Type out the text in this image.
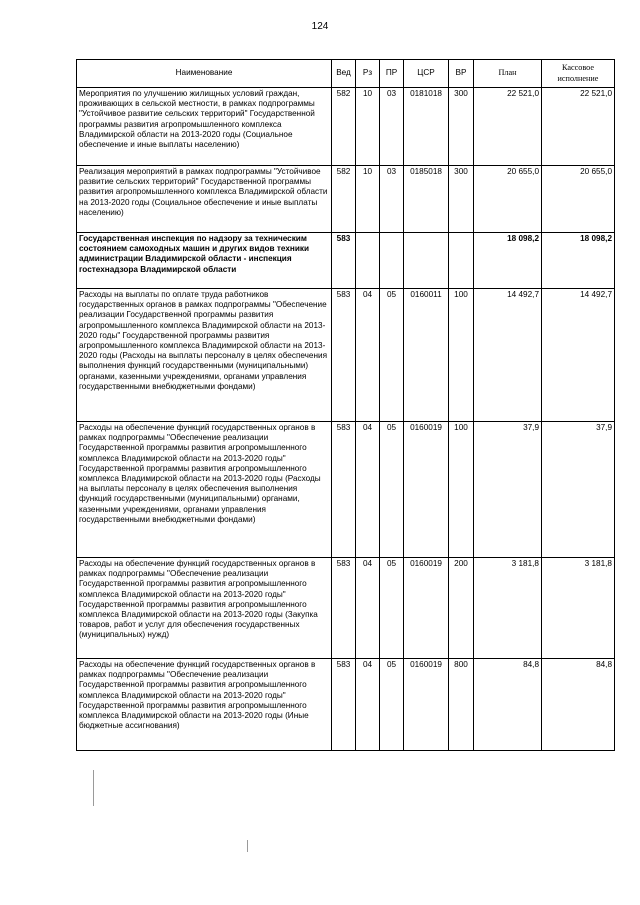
124
Наименование	Вед	Рз	ПР	ЦСР	ВР	План	Кассовое исполнение
Мероприятия по улучшению жилищных условий граждан, проживающих в сельской местности, в рамках подпрограммы "Устойчивое развитие сельских территорий" Государственной программы развития агропромышленного комплекса Владимирской области на 2013-2020 годы (Социальное обеспечение и иные выплаты населению)	582	10	03	0181018	300	22 521,0	22 521,0
Реализация мероприятий в рамках подпрограммы "Устойчивое развитие сельских территорий" Государственной программы развития агропромышленного комплекса Владимирской области на 2013-2020 годы (Социальное обеспечение и иные выплаты населению)	582	10	03	0185018	300	20 655,0	20 655,0
Государственная инспекция по надзору за техническим состоянием самоходных машин и других видов техники администрации Владимирской области - инспекция гостехнадзора Владимирской области	583					18 098,2	18 098,2
Расходы на выплаты по оплате труда работников государственных органов в рамках подпрограммы "Обеспечение реализации Государственной программы развития агропромышленного комплекса Владимирской области на 2013-2020 годы" Государственной программы развития агропромышленного комплекса Владимирской области на 2013-2020 годы (Расходы на выплаты персоналу в целях обеспечения выполнения функций государственными (муниципальными) органами, казенными учреждениями, органами управления государственными внебюджетными фондами)	583	04	05	0160011	100	14 492,7	14 492,7
Расходы на обеспечение функций государственных органов в рамках подпрограммы "Обеспечение реализации Государственной программы развития агропромышленного комплекса Владимирской области на 2013-2020 годы" Государственной программы развития агропромышленного комплекса Владимирской области на 2013-2020 годы (Расходы на выплаты персоналу в целях обеспечения выполнения функций государственными (муниципальными) органами, казенными учреждениями, органами управления государственными внебюджетными фондами)	583	04	05	0160019	100	37,9	37,9
Расходы на обеспечение функций государственных органов в рамках подпрограммы "Обеспечение реализации Государственной программы развития агропромышленного комплекса Владимирской области на 2013-2020 годы" Государственной программы развития агропромышленного комплекса Владимирской области на 2013-2020 годы (Закупка товаров, работ и услуг для обеспечения государственных (муниципальных) нужд)	583	04	05	0160019	200	3 181,8	3 181,8
Расходы на обеспечение функций государственных органов в рамках подпрограммы "Обеспечение реализации Государственной программы развития агропромышленного комплекса Владимирской области на 2013-2020 годы" Государственной программы развития агропромышленного комплекса Владимирской области на 2013-2020 годы (Иные бюджетные ассигнования)	583	04	05	0160019	800	84,8	84,8
